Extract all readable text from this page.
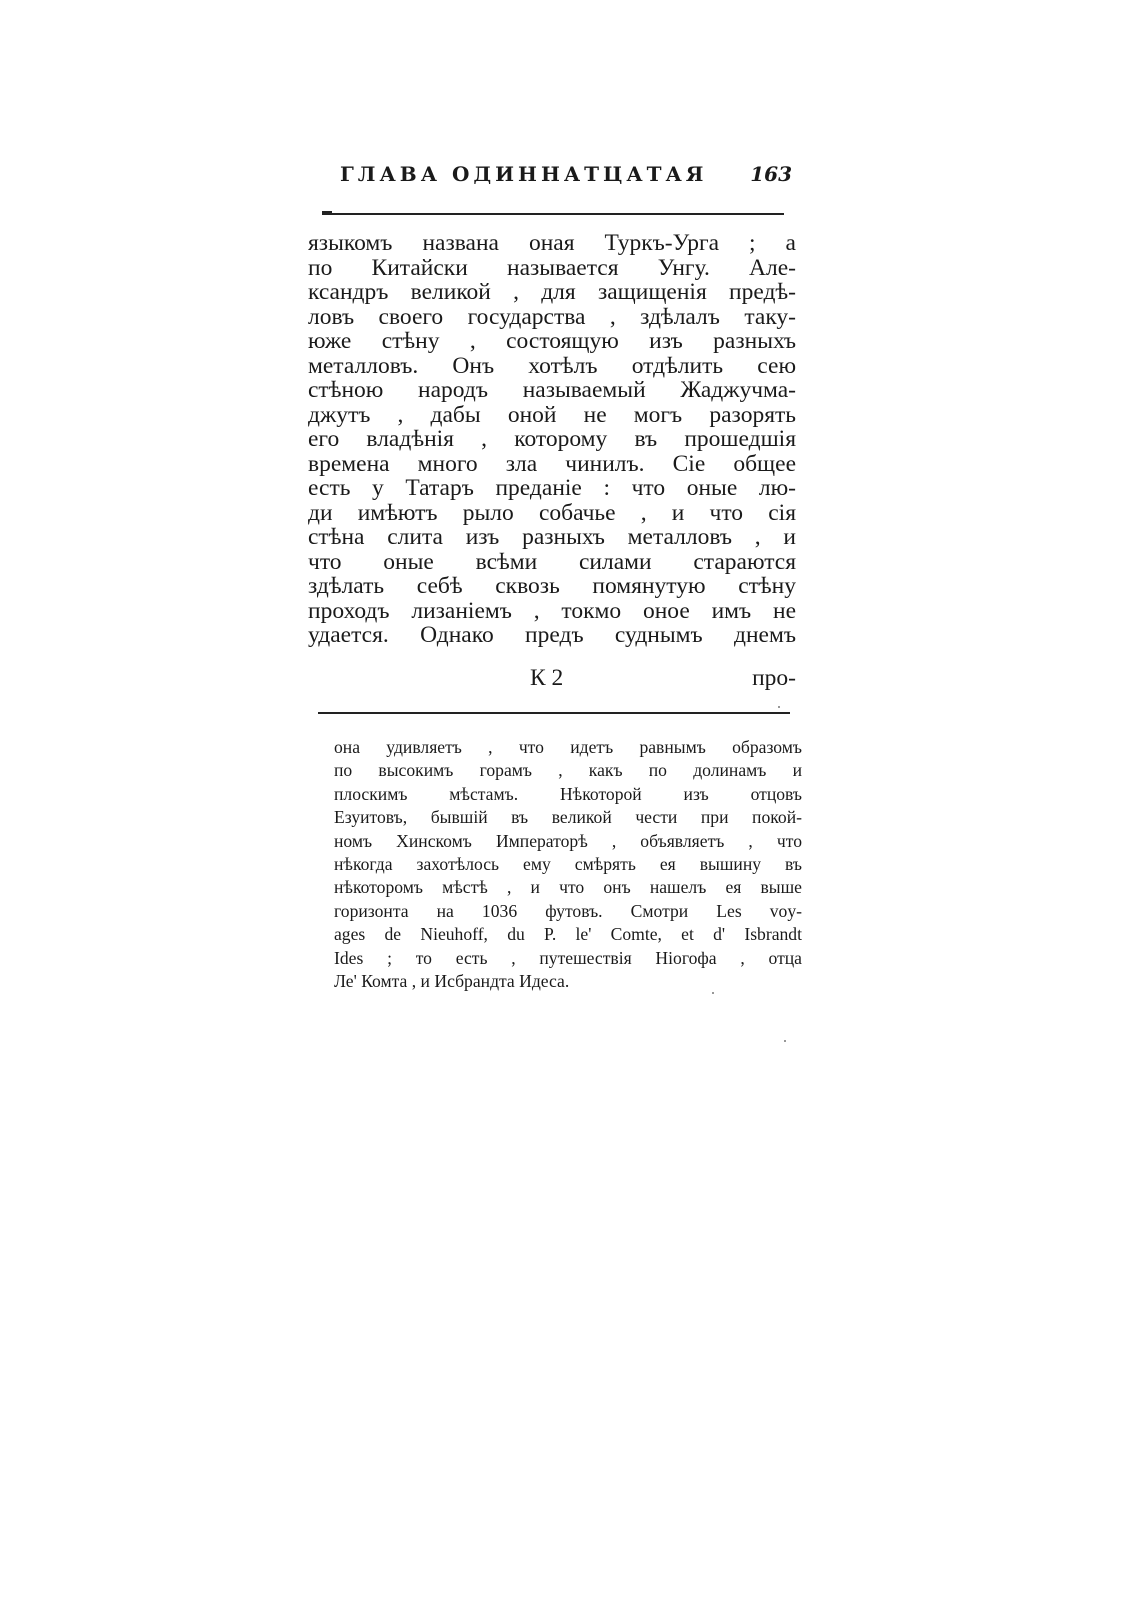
ГЛАВА ОДИННАТЦАТАЯ 163
языкомъ названа оная Туркъ-Урга ; а
по Китайски называется Унгу. Але-
ксандръ великой , для защищенія предѣ-
ловъ своего государства , здѣлалъ таку-
юже стѣну , состоящую изъ разныхъ
металловъ. Онъ хотѣлъ отдѣлить сею
стѣною народъ называемый Жаджучма-
джутъ , дабы оной не могъ разорять
его владѣнія , которому въ прошедшія
времена много зла чинилъ. Сіе общее
есть у Татаръ преданіе : что оные лю-
ди имѣютъ рыло собачье , и что сія
стѣна слита изъ разныхъ металловъ , и
что оные всѣми силами стараются
здѣлать себѣ сквозь помянутую стѣну
проходъ лизаніемъ , токмо оное имъ не
удается. Однако предъ суднымъ днемъ
К 2	про-
она удивляетъ , что идетъ равнымъ образомъ
по высокимъ горамъ , какъ по долинамъ и
плоскимъ мѣстамъ. Нѣкоторой изъ отцовъ
Езуитовъ, бывшій въ великой чести при покой-
номъ Хинскомъ Императорѣ , объявляетъ , что
нѣкогда захотѣлось ему смѣрять ея вышину въ
нѣкоторомъ мѣстѣ , и что онъ нашелъ ея выше
горизонта на 1036 футовъ. Смотри Les voy-
ages de Nieuhoff, du P. le' Comte, et d' Isbrandt
Ides ; то есть , путешествія Ніогофа , отца
Ле' Комта , и Исбрандта Идеса.
